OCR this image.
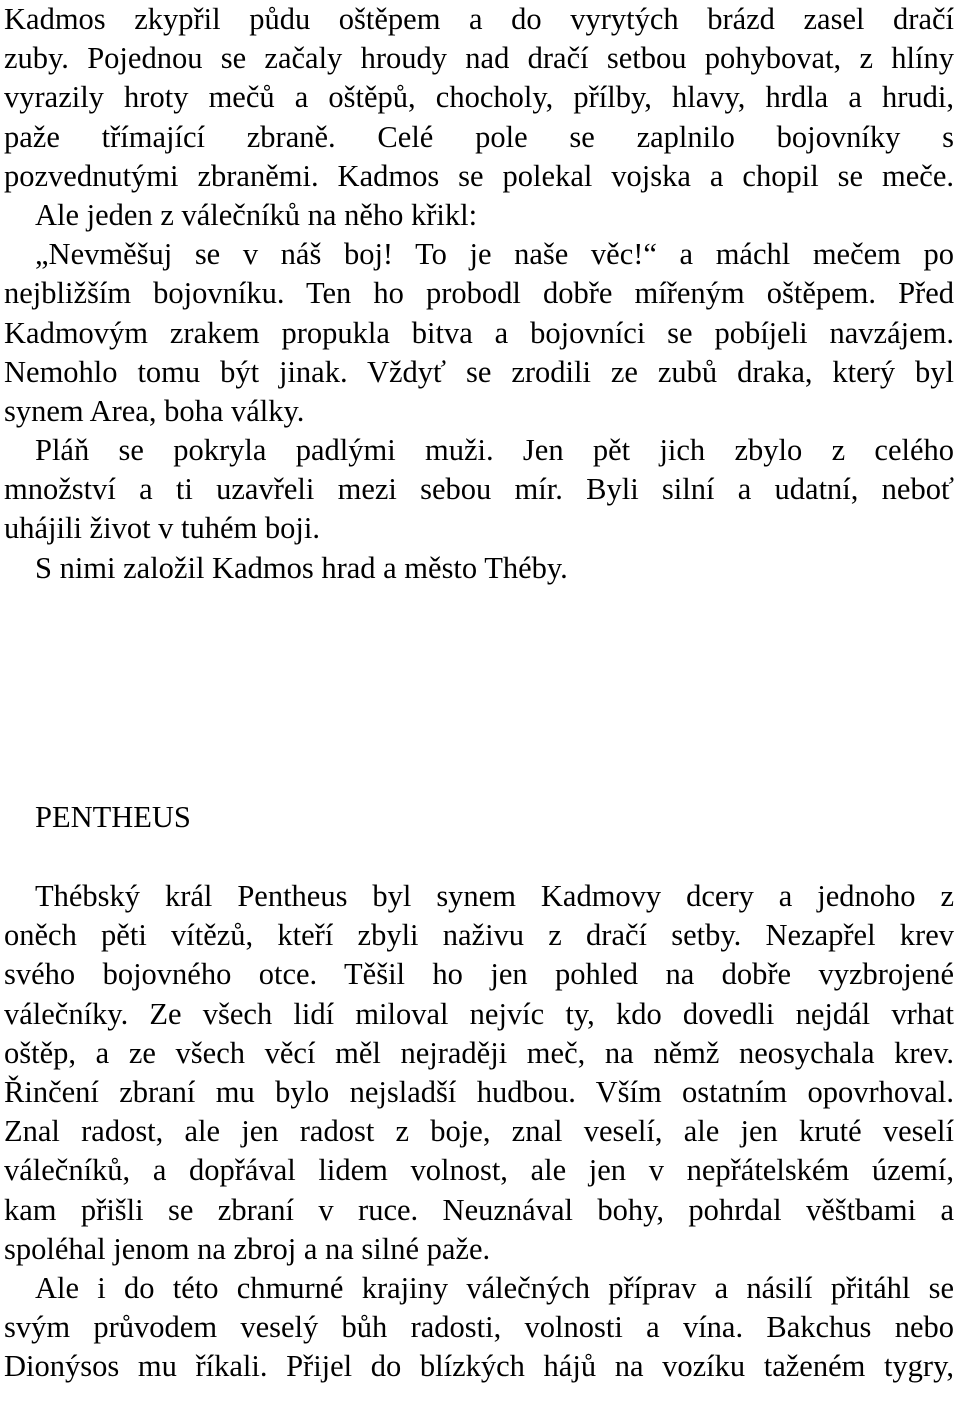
Kadmos zkypřil půdu oštěpem a do vyrytých brázd zasel dračí
zuby. Pojednou se začaly hroudy nad dračí setbou pohybovat, z hlíny
vyrazily hroty mečů a oštěpů, chocholy, přílby, hlavy, hrdla a hrudi,
paže třímající zbraně. Celé pole se zaplnilo bojovníky s
pozvednutými zbraněmi. Kadmos se polekal vojska a chopil se meče.
Ale jeden z válečníků na něho křikl:
„Nevměšuj se v náš boj! To je naše věc!“ a máchl mečem po
nejbližším bojovníku. Ten ho probodl dobře mířeným oštěpem. Před
Kadmovým zrakem propukla bitva a bojovníci se pobíjeli navzájem.
Nemohlo tomu být jinak. Vždyť se zrodili ze zubů draka, který byl
synem Area, boha války.
Pláň se pokryla padlými muži. Jen pět jich zbylo z celého
množství a ti uzavřeli mezi sebou mír. Byli silní a udatní, neboť
uhájili život v tuhém boji.
S nimi založil Kadmos hrad a město Théby.
PENTHEUS
Thébský král Pentheus byl synem Kadmovy dcery a jednoho z
oněch pěti vítězů, kteří zbyli naživu z dračí setby. Nezapřel krev
svého bojovného otce. Těšil ho jen pohled na dobře vyzbrojené
válečníky. Ze všech lidí miloval nejvíc ty, kdo dovedli nejdál vrhat
oštěp, a ze všech věcí měl nejraději meč, na němž neosychala krev.
Řinčení zbraní mu bylo nejsladší hudbou. Vším ostatním opovrhoval.
Znal radost, ale jen radost z boje, znal veselí, ale jen kruté veselí
válečníků, a dopřával lidem volnost, ale jen v nepřátelském území,
kam přišli se zbraní v ruce. Neuznával bohy, pohrdal věštbami a
spoléhal jenom na zbroj a na silné paže.
Ale i do této chmurné krajiny válečných příprav a násilí přitáhl se
svým průvodem veselý bůh radosti, volnosti a vína. Bakchus nebo
Dionýsos mu říkali. Přijel do blízkých hájů na vozíku taženém tygry,
